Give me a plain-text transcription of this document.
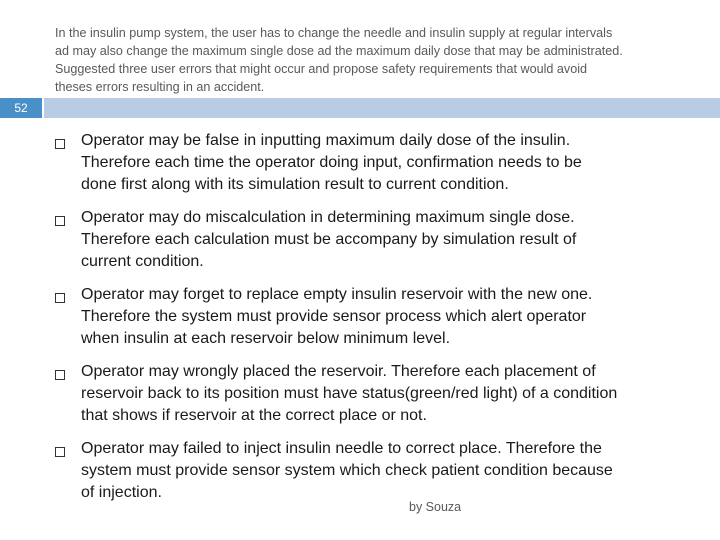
In the insulin pump system, the user has to change the needle and insulin supply at regular intervals
ad may also change the maximum single dose ad the maximum daily dose that may be administrated.
Suggested three user errors that might occur and propose safety requirements that would avoid
theses errors resulting in an accident.
52
Operator may be false in inputting maximum daily dose of the insulin.
Therefore each time the operator doing input, confirmation needs to be
done first along with its simulation result to current condition.
Operator may do miscalculation in determining maximum single dose.
Therefore each calculation must be accompany by simulation result of
current condition.
Operator may forget to replace empty insulin reservoir with the new one.
Therefore the system must provide sensor process which alert operator
when insulin at each reservoir below minimum level.
Operator may wrongly placed the reservoir. Therefore each placement of
reservoir back to its position must have status(green/red light) of a condition
that shows if reservoir at the correct place or not.
Operator may failed to inject insulin needle to correct place. Therefore the
system must provide sensor system which check patient condition because
of injection.
by Souza
